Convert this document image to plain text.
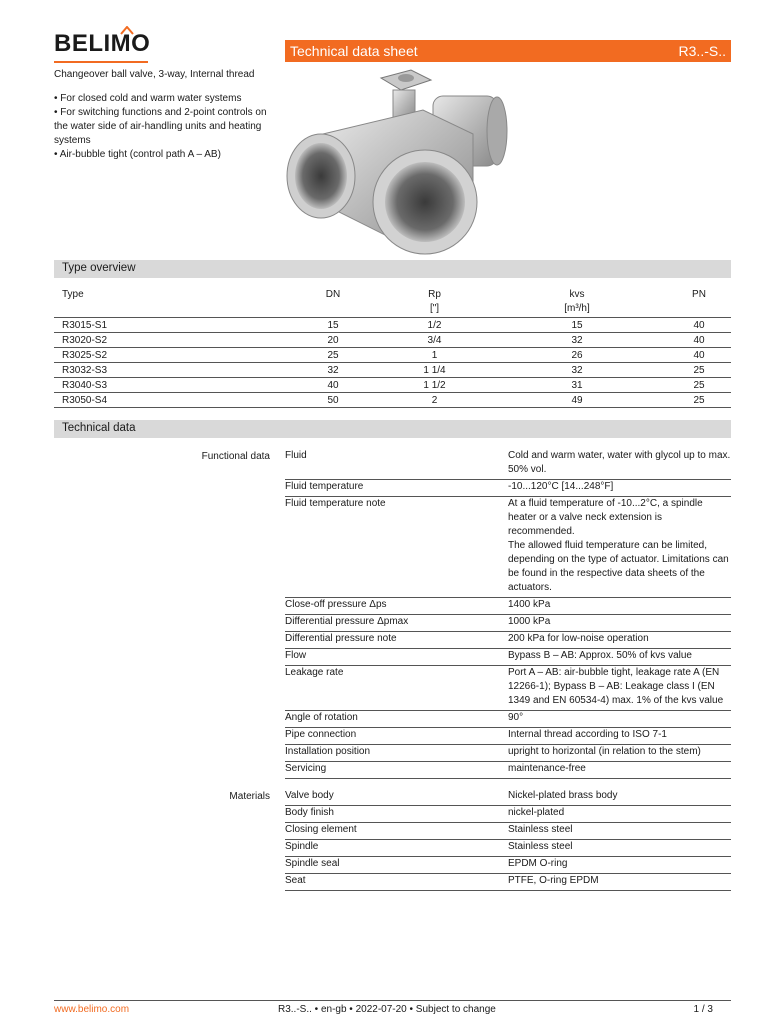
BELIMO	Technical data sheet	R3..-S..
Changeover ball valve, 3-way, Internal thread
• For closed cold and warm water systems
• For switching functions and 2-point controls on the water side of air-handling units and heating systems
• Air-bubble tight (control path A – AB)
Type overview
Type	DN	Rp	kvs	PN
		["]	[m³/h]	
R3015-S1	15	1/2	15	40
R3020-S2	20	3/4	32	40
R3025-S2	25	1	26	40
R3032-S3	32	1 1/4	32	25
R3040-S3	40	1 1/2	31	25
R3050-S4	50	2	49	25
Technical data
Functional data Fluid	Cold and warm water, water with glycol up to max. 50% vol.
Fluid temperature	-10...120°C [14...248°F]
Fluid temperature note	At a fluid temperature of -10...2°C, a spindle heater or a valve neck extension is recommended.
The allowed fluid temperature can be limited, depending on the type of actuator. Limitations can be found in the respective data sheets of the actuators.
Close-off pressure Δps	1400 kPa
Differential pressure Δpmax	1000 kPa
Differential pressure note	200 kPa for low-noise operation
Flow	Bypass B – AB: Approx. 50% of kvs value
Leakage rate	Port A – AB: air-bubble tight, leakage rate A (EN 12266-1); Bypass B – AB: Leakage class I (EN 1349 and EN 60534-4) max. 1% of the kvs value
Angle of rotation	90°
Pipe connection	Internal thread according to ISO 7-1
Installation position	upright to horizontal (in relation to the stem)
Servicing	maintenance-free
Materials Valve body	Nickel-plated brass body
Body finish	nickel-plated
Closing element	Stainless steel
Spindle	Stainless steel
Spindle seal	EPDM O-ring
Seat	PTFE, O-ring EPDM
www.belimo.com	R3..-S.. • en-gb • 2022-07-20 • Subject to change	1 / 3
